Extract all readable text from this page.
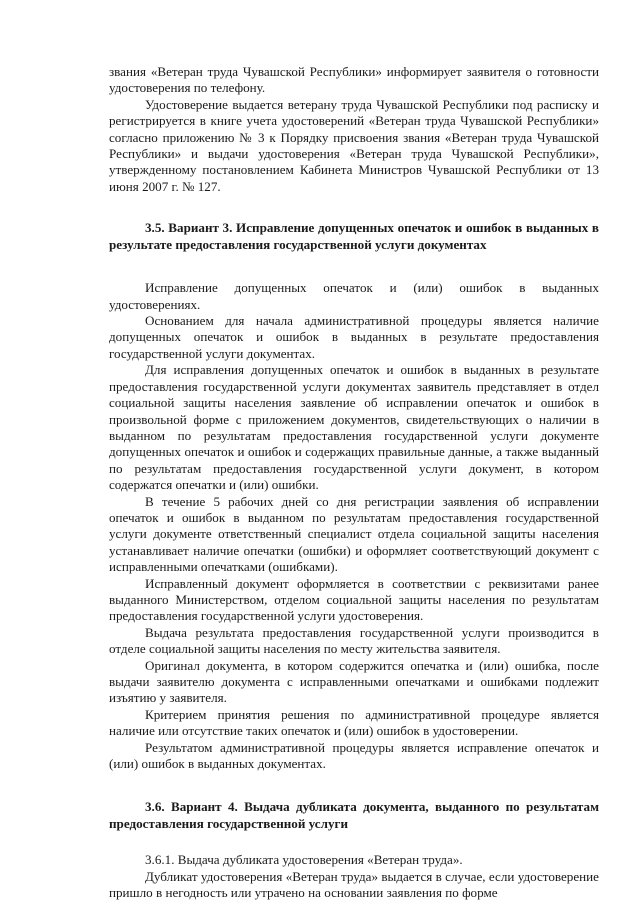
звания «Ветеран труда Чувашской Республики» информирует заявителя о готовности удостоверения по телефону.

Удостоверение выдается ветерану труда Чувашской Республики под расписку и регистрируется в книге учета удостоверений «Ветеран труда Чувашской Республики» согласно приложению № 3 к Порядку присвоения звания «Ветеран труда Чувашской Республики» и выдачи удостоверения «Ветеран труда Чувашской Республики», утвержденному постановлением Кабинета Министров Чувашской Республики от 13 июня 2007 г. № 127.

3.5. Вариант 3. Исправление допущенных опечаток и ошибок в выданных в результате предоставления государственной услуги документах

Исправление допущенных опечаток и (или) ошибок в выданных удостоверениях.

Основанием для начала административной процедуры является наличие допущенных опечаток и ошибок в выданных в результате предоставления государственной услуги документах.

Для исправления допущенных опечаток и ошибок в выданных в результате предоставления государственной услуги документах заявитель представляет в отдел социальной защиты населения заявление об исправлении опечаток и ошибок в произвольной форме с приложением документов, свидетельствующих о наличии в выданном по результатам предоставления государственной услуги документе допущенных опечаток и ошибок и содержащих правильные данные, а также выданный по результатам предоставления государственной услуги документ, в котором содержатся опечатки и (или) ошибки.

В течение 5 рабочих дней со дня регистрации заявления об исправлении опечаток и ошибок в выданном по результатам предоставления государственной услуги документе ответственный специалист отдела социальной защиты населения устанавливает наличие опечатки (ошибки) и оформляет соответствующий документ с исправленными опечатками (ошибками).

Исправленный документ оформляется в соответствии с реквизитами ранее выданного Министерством, отделом социальной защиты населения по результатам предоставления государственной услуги удостоверения.

Выдача результата предоставления государственной услуги производится в отделе социальной защиты населения по месту жительства заявителя.

Оригинал документа, в котором содержится опечатка и (или) ошибка, после выдачи заявителю документа с исправленными опечатками и ошибками подлежит изъятию у заявителя.

Критерием принятия решения по административной процедуре является наличие или отсутствие таких опечаток и (или) ошибок в удостоверении.

Результатом административной процедуры является исправление опечаток и (или) ошибок в выданных документах.

3.6. Вариант 4. Выдача дубликата документа, выданного по результатам предоставления государственной услуги

3.6.1. Выдача дубликата удостоверения «Ветеран труда».

Дубликат удостоверения «Ветеран труда» выдается в случае, если удостоверение пришло в негодность или утрачено на основании заявления по форме
